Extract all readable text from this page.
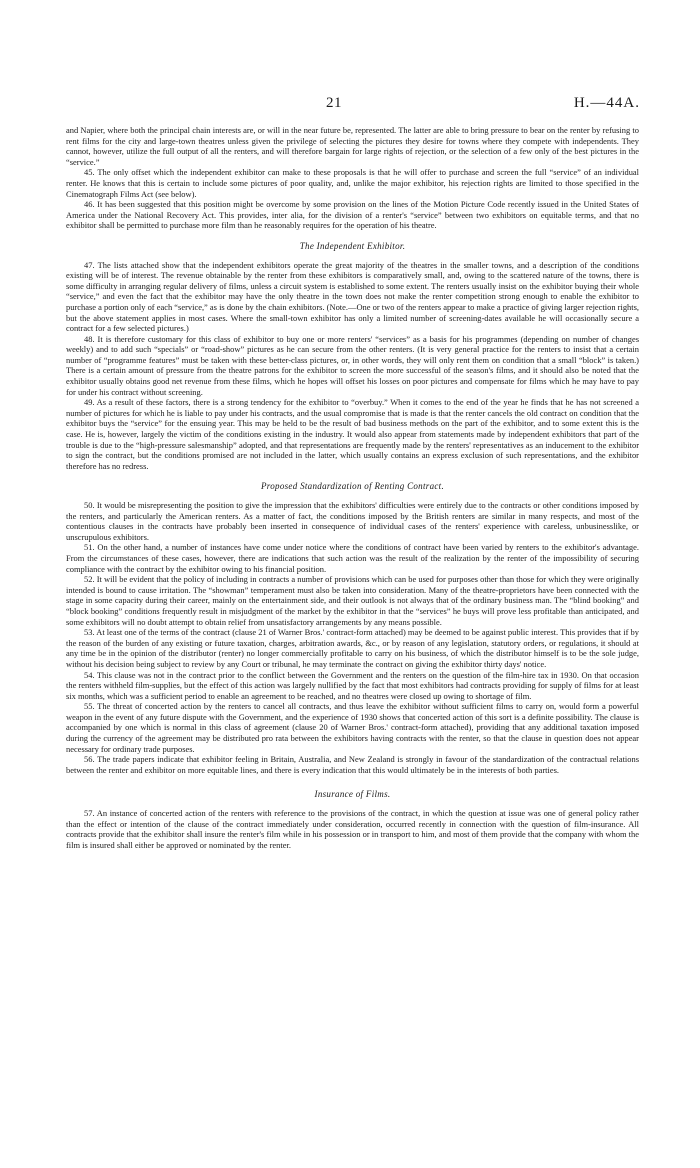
21	H.—44A.

and Napier, where both the principal chain interests are, or will in the near future be, represented. The latter are able to bring pressure to bear on the renter by refusing to rent films for the city and large-town theatres unless given the privilege of selecting the pictures they desire for towns where they compete with independents. They cannot, however, utilize the full output of all the renters, and will therefore bargain for large rights of rejection, or the selection of a few only of the best pictures in the “service.”

45. The only offset which the independent exhibitor can make to these proposals is that he will offer to purchase and screen the full “service” of an individual renter. He knows that this is certain to include some pictures of poor quality, and, unlike the major exhibitor, his rejection rights are limited to those specified in the Cinematograph Films Act (see below).

46. It has been suggested that this position might be overcome by some provision on the lines of the Motion Picture Code recently issued in the United States of America under the National Recovery Act. This provides, inter alia, for the division of a renter's “service” between two exhibitors on equitable terms, and that no exhibitor shall be permitted to purchase more film than he reasonably requires for the operation of his theatre.

The Independent Exhibitor.

47. The lists attached show that the independent exhibitors operate the great majority of the theatres in the smaller towns, and a description of the conditions existing will be of interest. The revenue obtainable by the renter from these exhibitors is comparatively small, and, owing to the scattered nature of the towns, there is some difficulty in arranging regular delivery of films, unless a circuit system is established to some extent. The renters usually insist on the exhibitor buying their whole “service,” and even the fact that the exhibitor may have the only theatre in the town does not make the renter competition strong enough to enable the exhibitor to purchase a portion only of each “service,” as is done by the chain exhibitors. (Note.—One or two of the renters appear to make a practice of giving larger rejection rights, but the above statement applies in most cases. Where the small-town exhibitor has only a limited number of screening-dates available he will occasionally secure a contract for a few selected pictures.)

48. It is therefore customary for this class of exhibitor to buy one or more renters' “services” as a basis for his programmes (depending on number of changes weekly) and to add such “specials” or “road-show” pictures as he can secure from the other renters. (It is very general practice for the renters to insist that a certain number of “programme features” must be taken with these better-class pictures, or, in other words, they will only rent them on condition that a small “block” is taken.) There is a certain amount of pressure from the theatre patrons for the exhibitor to screen the more successful of the season's films, and it should also be noted that the exhibitor usually obtains good net revenue from these films, which he hopes will offset his losses on poor pictures and compensate for films which he may have to pay for under his contract without screening.

49. As a result of these factors, there is a strong tendency for the exhibitor to “overbuy.” When it comes to the end of the year he finds that he has not screened a number of pictures for which he is liable to pay under his contracts, and the usual compromise that is made is that the renter cancels the old contract on condition that the exhibitor buys the “service” for the ensuing year. This may be held to be the result of bad business methods on the part of the exhibitor, and to some extent this is the case. He is, however, largely the victim of the conditions existing in the industry. It would also appear from statements made by independent exhibitors that part of the trouble is due to the “high-pressure salesmanship” adopted, and that representations are frequently made by the renters' representatives as an inducement to the exhibitor to sign the contract, but the conditions promised are not included in the latter, which usually contains an express exclusion of such representations, and the exhibitor therefore has no redress.

Proposed Standardization of Renting Contract.

50. It would be misrepresenting the position to give the impression that the exhibitors' difficulties were entirely due to the contracts or other conditions imposed by the renters, and particularly the American renters. As a matter of fact, the conditions imposed by the British renters are similar in many respects, and most of the contentious clauses in the contracts have probably been inserted in consequence of individual cases of the renters' experience with careless, unbusinesslike, or unscrupulous exhibitors.

51. On the other hand, a number of instances have come under notice where the conditions of contract have been varied by renters to the exhibitor's advantage. From the circumstances of these cases, however, there are indications that such action was the result of the realization by the renter of the impossibility of securing compliance with the contract by the exhibitor owing to his financial position.

52. It will be evident that the policy of including in contracts a number of provisions which can be used for purposes other than those for which they were originally intended is bound to cause irritation. The “showman” temperament must also be taken into consideration. Many of the theatre-proprietors have been connected with the stage in some capacity during their career, mainly on the entertainment side, and their outlook is not always that of the ordinary business man. The “blind booking” and “block booking” conditions frequently result in misjudgment of the market by the exhibitor in that the “services” he buys will prove less profitable than anticipated, and some exhibitors will no doubt attempt to obtain relief from unsatisfactory arrangements by any means possible.

53. At least one of the terms of the contract (clause 21 of Warner Bros.' contract-form attached) may be deemed to be against public interest. This provides that if by the reason of the burden of any existing or future taxation, charges, arbitration awards, &c., or by reason of any legislation, statutory orders, or regulations, it should at any time be in the opinion of the distributor (renter) no longer commercially profitable to carry on his business, of which the distributor himself is to be the sole judge, without his decision being subject to review by any Court or tribunal, he may terminate the contract on giving the exhibitor thirty days' notice.

54. This clause was not in the contract prior to the conflict between the Government and the renters on the question of the film-hire tax in 1930. On that occasion the renters withheld film-supplies, but the effect of this action was largely nullified by the fact that most exhibitors had contracts providing for supply of films for at least six months, which was a sufficient period to enable an agreement to be reached, and no theatres were closed up owing to shortage of film.

55. The threat of concerted action by the renters to cancel all contracts, and thus leave the exhibitor without sufficient films to carry on, would form a powerful weapon in the event of any future dispute with the Government, and the experience of 1930 shows that concerted action of this sort is a definite possibility. The clause is accompanied by one which is normal in this class of agreement (clause 20 of Warner Bros.' contract-form attached), providing that any additional taxation imposed during the currency of the agreement may be distributed pro rata between the exhibitors having contracts with the renter, so that the clause in question does not appear necessary for ordinary trade purposes.

56. The trade papers indicate that exhibitor feeling in Britain, Australia, and New Zealand is strongly in favour of the standardization of the contractual relations between the renter and exhibitor on more equitable lines, and there is every indication that this would ultimately be in the interests of both parties.

Insurance of Films.

57. An instance of concerted action of the renters with reference to the provisions of the contract, in which the question at issue was one of general policy rather than the effect or intention of the clause of the contract immediately under consideration, occurred recently in connection with the question of film-insurance. All contracts provide that the exhibitor shall insure the renter's film while in his possession or in transport to him, and most of them provide that the company with whom the film is insured shall either be approved or nominated by the renter.
